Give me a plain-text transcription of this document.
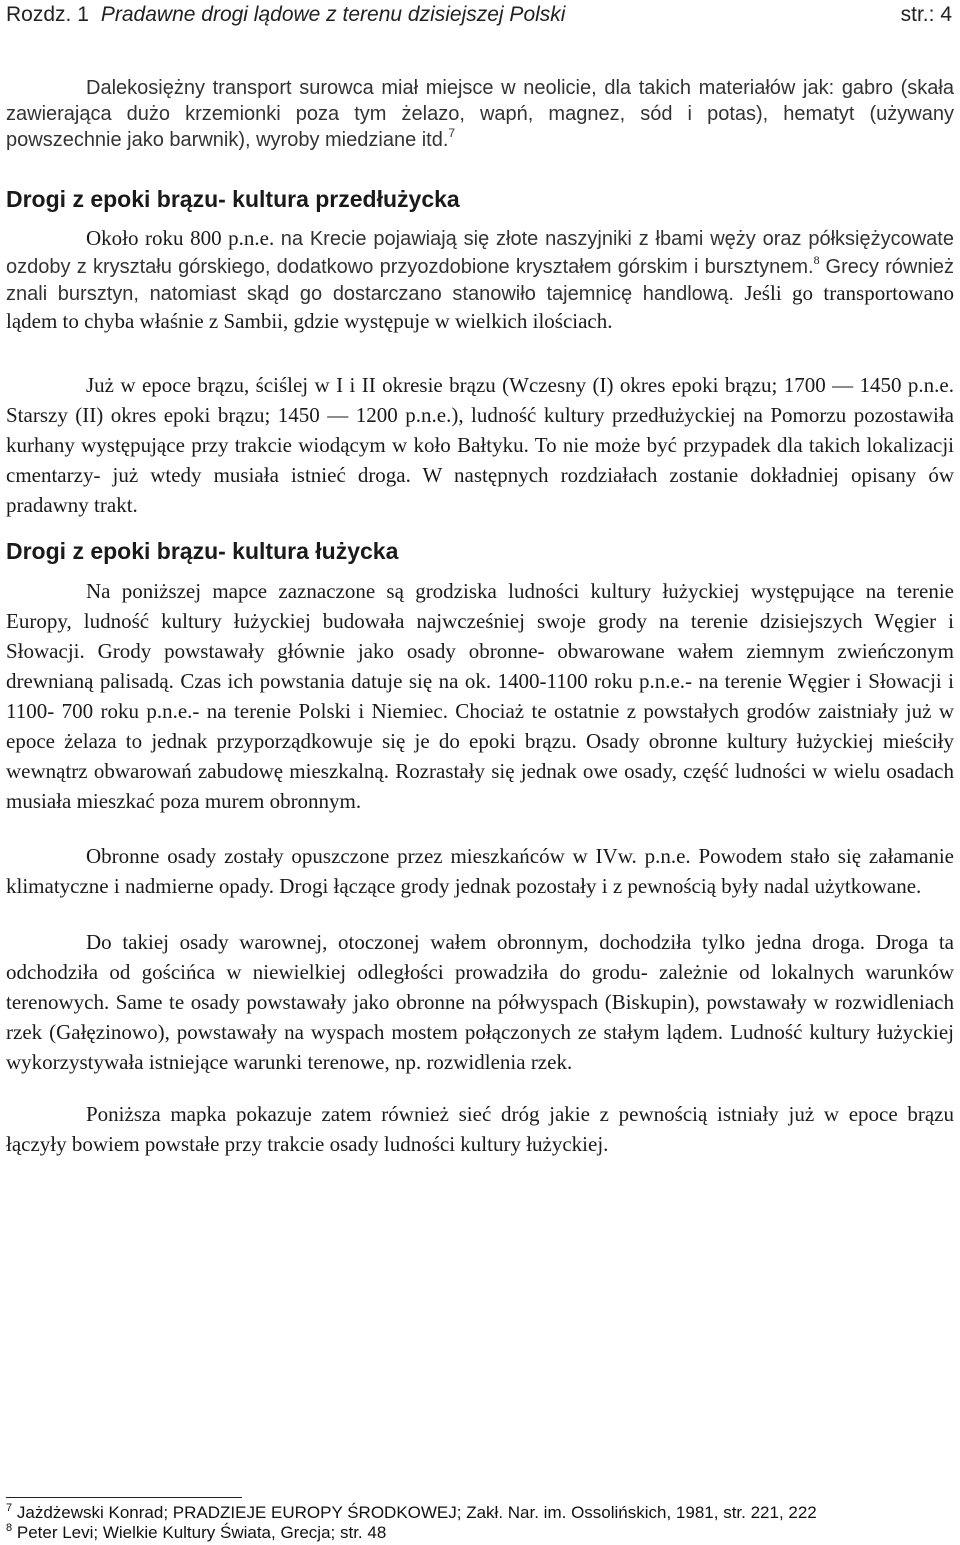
Rozdz. 1 Pradawne drogi lądowe z terenu dzisiejszej Polski	str.: 4

Dalekosiężny transport surowca miał miejsce w neolicie, dla takich materiałów jak: gabro (skała zawierająca dużo krzemionki poza tym żelazo, wapń, magnez, sód i potas), hematyt (używany powszechnie jako barwnik), wyroby miedziane itd.$^7$

Drogi z epoki brązu- kultura przedłużycka

Około roku 800 p.n.e. na Krecie pojawiają się złote naszyjniki z łbami węży oraz półksiężycowate ozdoby z kryształu górskiego, dodatkowo przyozdobione kryształem górskim i bursztynem.$^8$ Grecy również znali bursztyn, natomiast skąd go dostarczano stanowiło tajemnicę handlową. Jeśli go transportowano lądem to chyba właśnie z Sambii, gdzie występuje w wielkich ilościach.

Już w epoce brązu, ściślej w I i II okresie brązu (Wczesny (I) okres epoki brązu; 1700 — 1450 p.n.e. Starszy (II) okres epoki brązu; 1450 — 1200 p.n.e.), ludność kultury przedłużyckiej na Pomorzu pozostawiła kurhany występujące przy trakcie wiodącym w koło Bałtyku. To nie może być przypadek dla takich lokalizacji cmentarzy- już wtedy musiała istnieć droga. W następnych rozdziałach zostanie dokładniej opisany ów pradawny trakt.

Drogi z epoki brązu- kultura łużycka

Na poniższej mapce zaznaczone są grodziska ludności kultury łużyckiej występujące na terenie Europy, ludność kultury łużyckiej budowała najwcześniej swoje grody na terenie dzisiejszych Węgier i Słowacji. Grody powstawały głównie jako osady obronne- obwarowane wałem ziemnym zwieńczonym drewnianą palisadą. Czas ich powstania datuje się na ok. 1400-1100 roku p.n.e.- na terenie Węgier i Słowacji i 1100- 700 roku p.n.e.- na terenie Polski i Niemiec. Chociaż te ostatnie z powstałych grodów zaistniały już w epoce żelaza to jednak przyporządkowuje się je do epoki brązu. Osady obronne kultury łużyckiej mieściły wewnątrz obwarowań zabudowę mieszkalną. Rozrastały się jednak owe osady, część ludności w wielu osadach musiała mieszkać poza murem obronnym.

Obronne osady zostały opuszczone przez mieszkańców w IVw. p.n.e. Powodem stało się załamanie klimatyczne i nadmierne opady. Drogi łączące grody jednak pozostały i z pewnością były nadal użytkowane.

Do takiej osady warownej, otoczonej wałem obronnym, dochodziła tylko jedna droga. Droga ta odchodziła od gościńca w niewielkiej odległości prowadziła do grodu- zależnie od lokalnych warunków terenowych. Same te osady powstawały jako obronne na półwyspach (Biskupin), powstawały w rozwidleniach rzek (Gałęzinowo), powstawały na wyspach mostem połączonych ze stałym lądem. Ludność kultury łużyckiej wykorzystywała istniejące warunki terenowe, np. rozwidlenia rzek.

Poniższa mapka pokazuje zatem również sieć dróg jakie z pewnością istniały już w epoce brązu łączyły bowiem powstałe przy trakcie osady ludności kultury łużyckiej.

$^7$ Jażdżewski Konrad; PRADZIEJE EUROPY ŚRODKOWEJ; Zakł. Nar. im. Ossolińskich, 1981, str. 221, 222
$^8$ Peter Levi; Wielkie Kultury Świata, Grecja; str. 48
